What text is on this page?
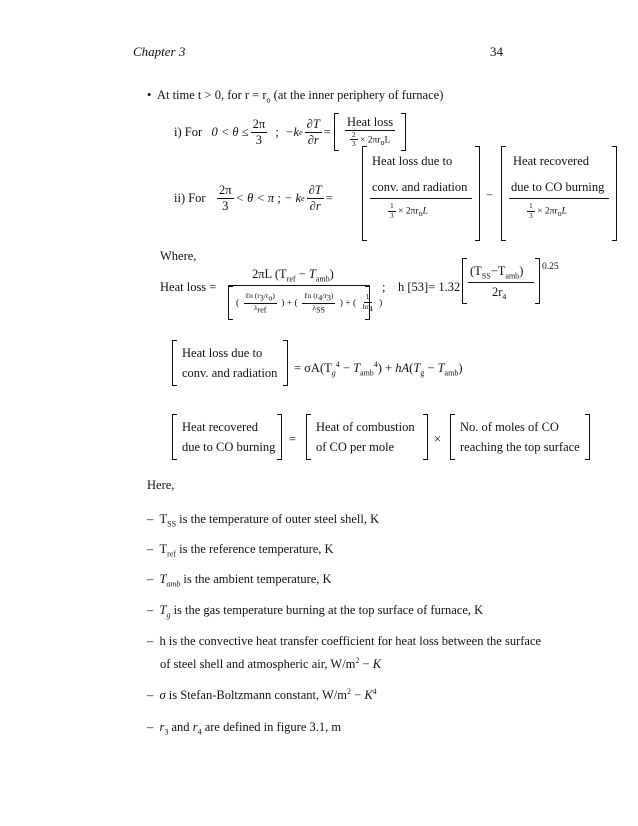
Chapter 3	34
• At time t > 0, for $r = r_o$ (at the inner periphery of furnace)
i) For
$0 < \theta \le \frac{2\pi}{3}$
;
−k e $\frac{\partial T}{\partial r}$ =
$\frac{\text{Heat loss}}{\frac{2}{3} \times 2\pi r_oL}$
ii) For
$\frac{2\pi}{3} < \theta < \pi$
;
− k e $\frac{\partial T}{\partial r}$ =
Heat loss due to
conv. and radiation
$\frac{1}{3} \times 2\pi r_oL$
−
Heat recovered
due to CO burning
$\frac{1}{3} \times 2\pi r_oL$
Where,
Heat loss =
2πL $(T_{ref} - T_{amb})$
( $\frac{\ell n (r_3/r_o)}{\lambda_{ref}}$ ) + ( $\frac{\ell n (r_4/r_3)}{\lambda_{SS}}$ ) + ( $\frac{1}{hr_4}$ )
; h [53]= 1.32
$(T_{SS}-T_{amb})$
$2r_4$
0.25
Heat loss due to
conv. and radiation = $\sigma A(T_g^4 - T_{amb}^4) + hA(T_g - T_{amb})$
Heat recovered
due to CO burning
=
Heat of combustion
of CO per mole
×
No. of moles of CO
reaching the top surface
Here,
–  $T_{SS}$ is the temperature of outer steel shell, K
–  $T_{ref}$ is the reference temperature, K
–  $T_{amb}$ is the ambient temperature, K
–  $T_g$ is the gas temperature burning at the top surface of furnace, K
–  h is the convective heat transfer coefficient for heat loss between the surface
of steel shell and atmospheric air, $W/m^2 - K$
–  σ is Stefan-Boltzmann constant, $W/m^2 - K^4$
–  $r_3$ and $r_4$ are defined in figure 3.1, m
